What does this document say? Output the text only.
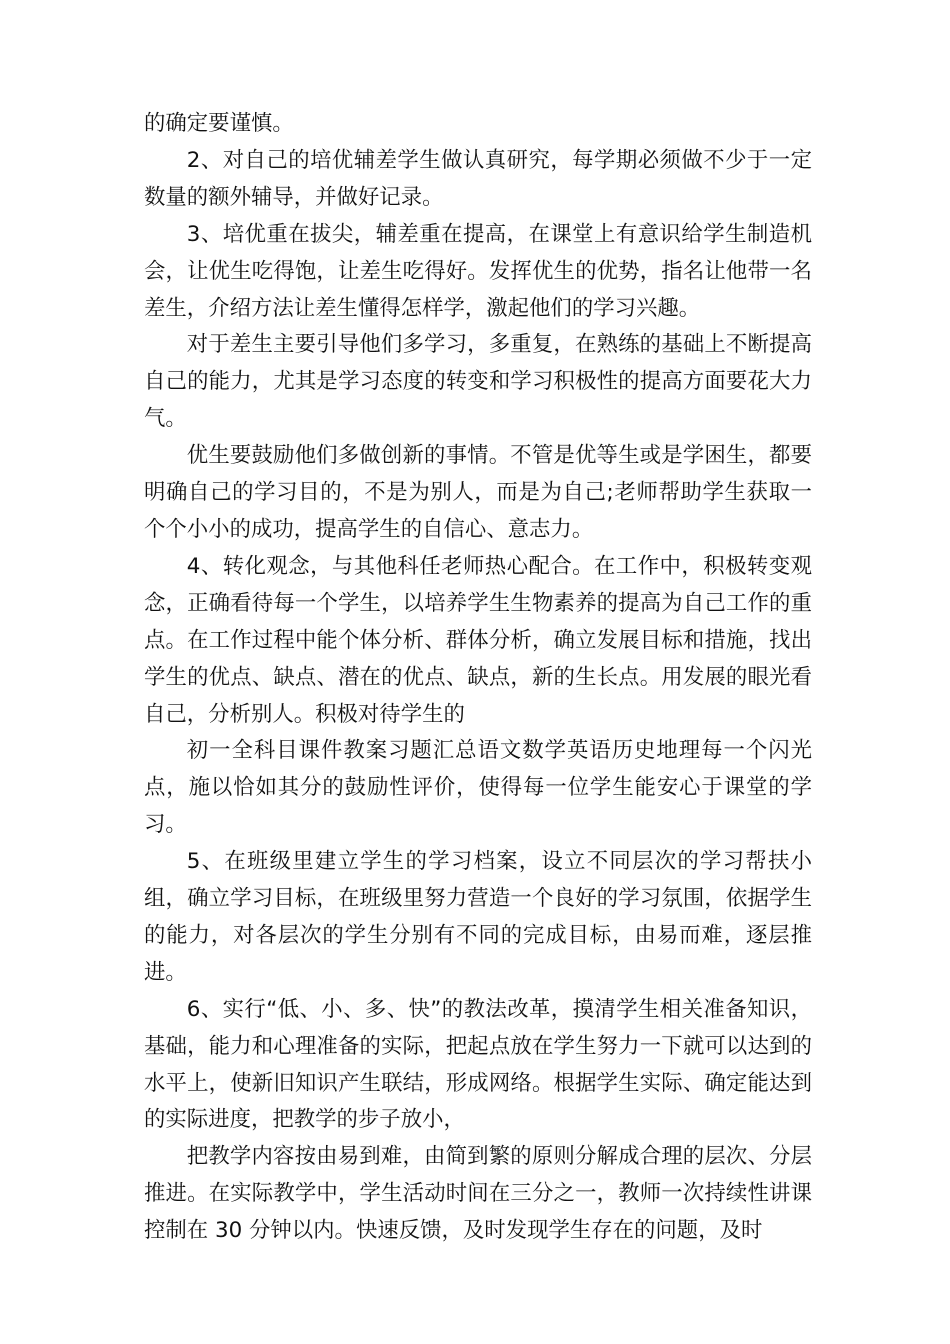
的确定要谨慎。

2、对自己的培优辅差学生做认真研究，每学期必须做不少于一定数量的额外辅导，并做好记录。

3、培优重在拔尖，辅差重在提高，在课堂上有意识给学生制造机会，让优生吃得饱，让差生吃得好。发挥优生的优势，指名让他带一名差生，介绍方法让差生懂得怎样学，激起他们的学习兴趣。

对于差生主要引导他们多学习，多重复，在熟练的基础上不断提高自己的能力，尤其是学习态度的转变和学习积极性的提高方面要花大力气。

优生要鼓励他们多做创新的事情。不管是优等生或是学困生，都要明确自己的学习目的，不是为别人，而是为自己;老师帮助学生获取一个个小小的成功，提高学生的自信心、意志力。

4、转化观念，与其他科任老师热心配合。在工作中，积极转变观念，正确看待每一个学生，以培养学生生物素养的提高为自己工作的重点。在工作过程中能个体分析、群体分析，确立发展目标和措施，找出学生的优点、缺点、潜在的优点、缺点，新的生长点。用发展的眼光看自己，分析别人。积极对待学生的

初一全科目课件教案习题汇总语文数学英语历史地理每一个闪光点，施以恰如其分的鼓励性评价，使得每一位学生能安心于课堂的学习。

5、在班级里建立学生的学习档案，设立不同层次的学习帮扶小组，确立学习目标，在班级里努力营造一个良好的学习氛围，依据学生的能力，对各层次的学生分别有不同的完成目标，由易而难，逐层推进。

6、实行“低、小、多、快”的教法改革，摸清学生相关准备知识，基础，能力和心理准备的实际，把起点放在学生努力一下就可以达到的水平上，使新旧知识产生联结，形成网络。根据学生实际、确定能达到的实际进度，把教学的步子放小，

把教学内容按由易到难，由简到繁的原则分解成合理的层次、分层推进。在实际教学中，学生活动时间在三分之一，教师一次持续性讲课控制在 30 分钟以内。快速反馈，及时发现学生存在的问题，及时
